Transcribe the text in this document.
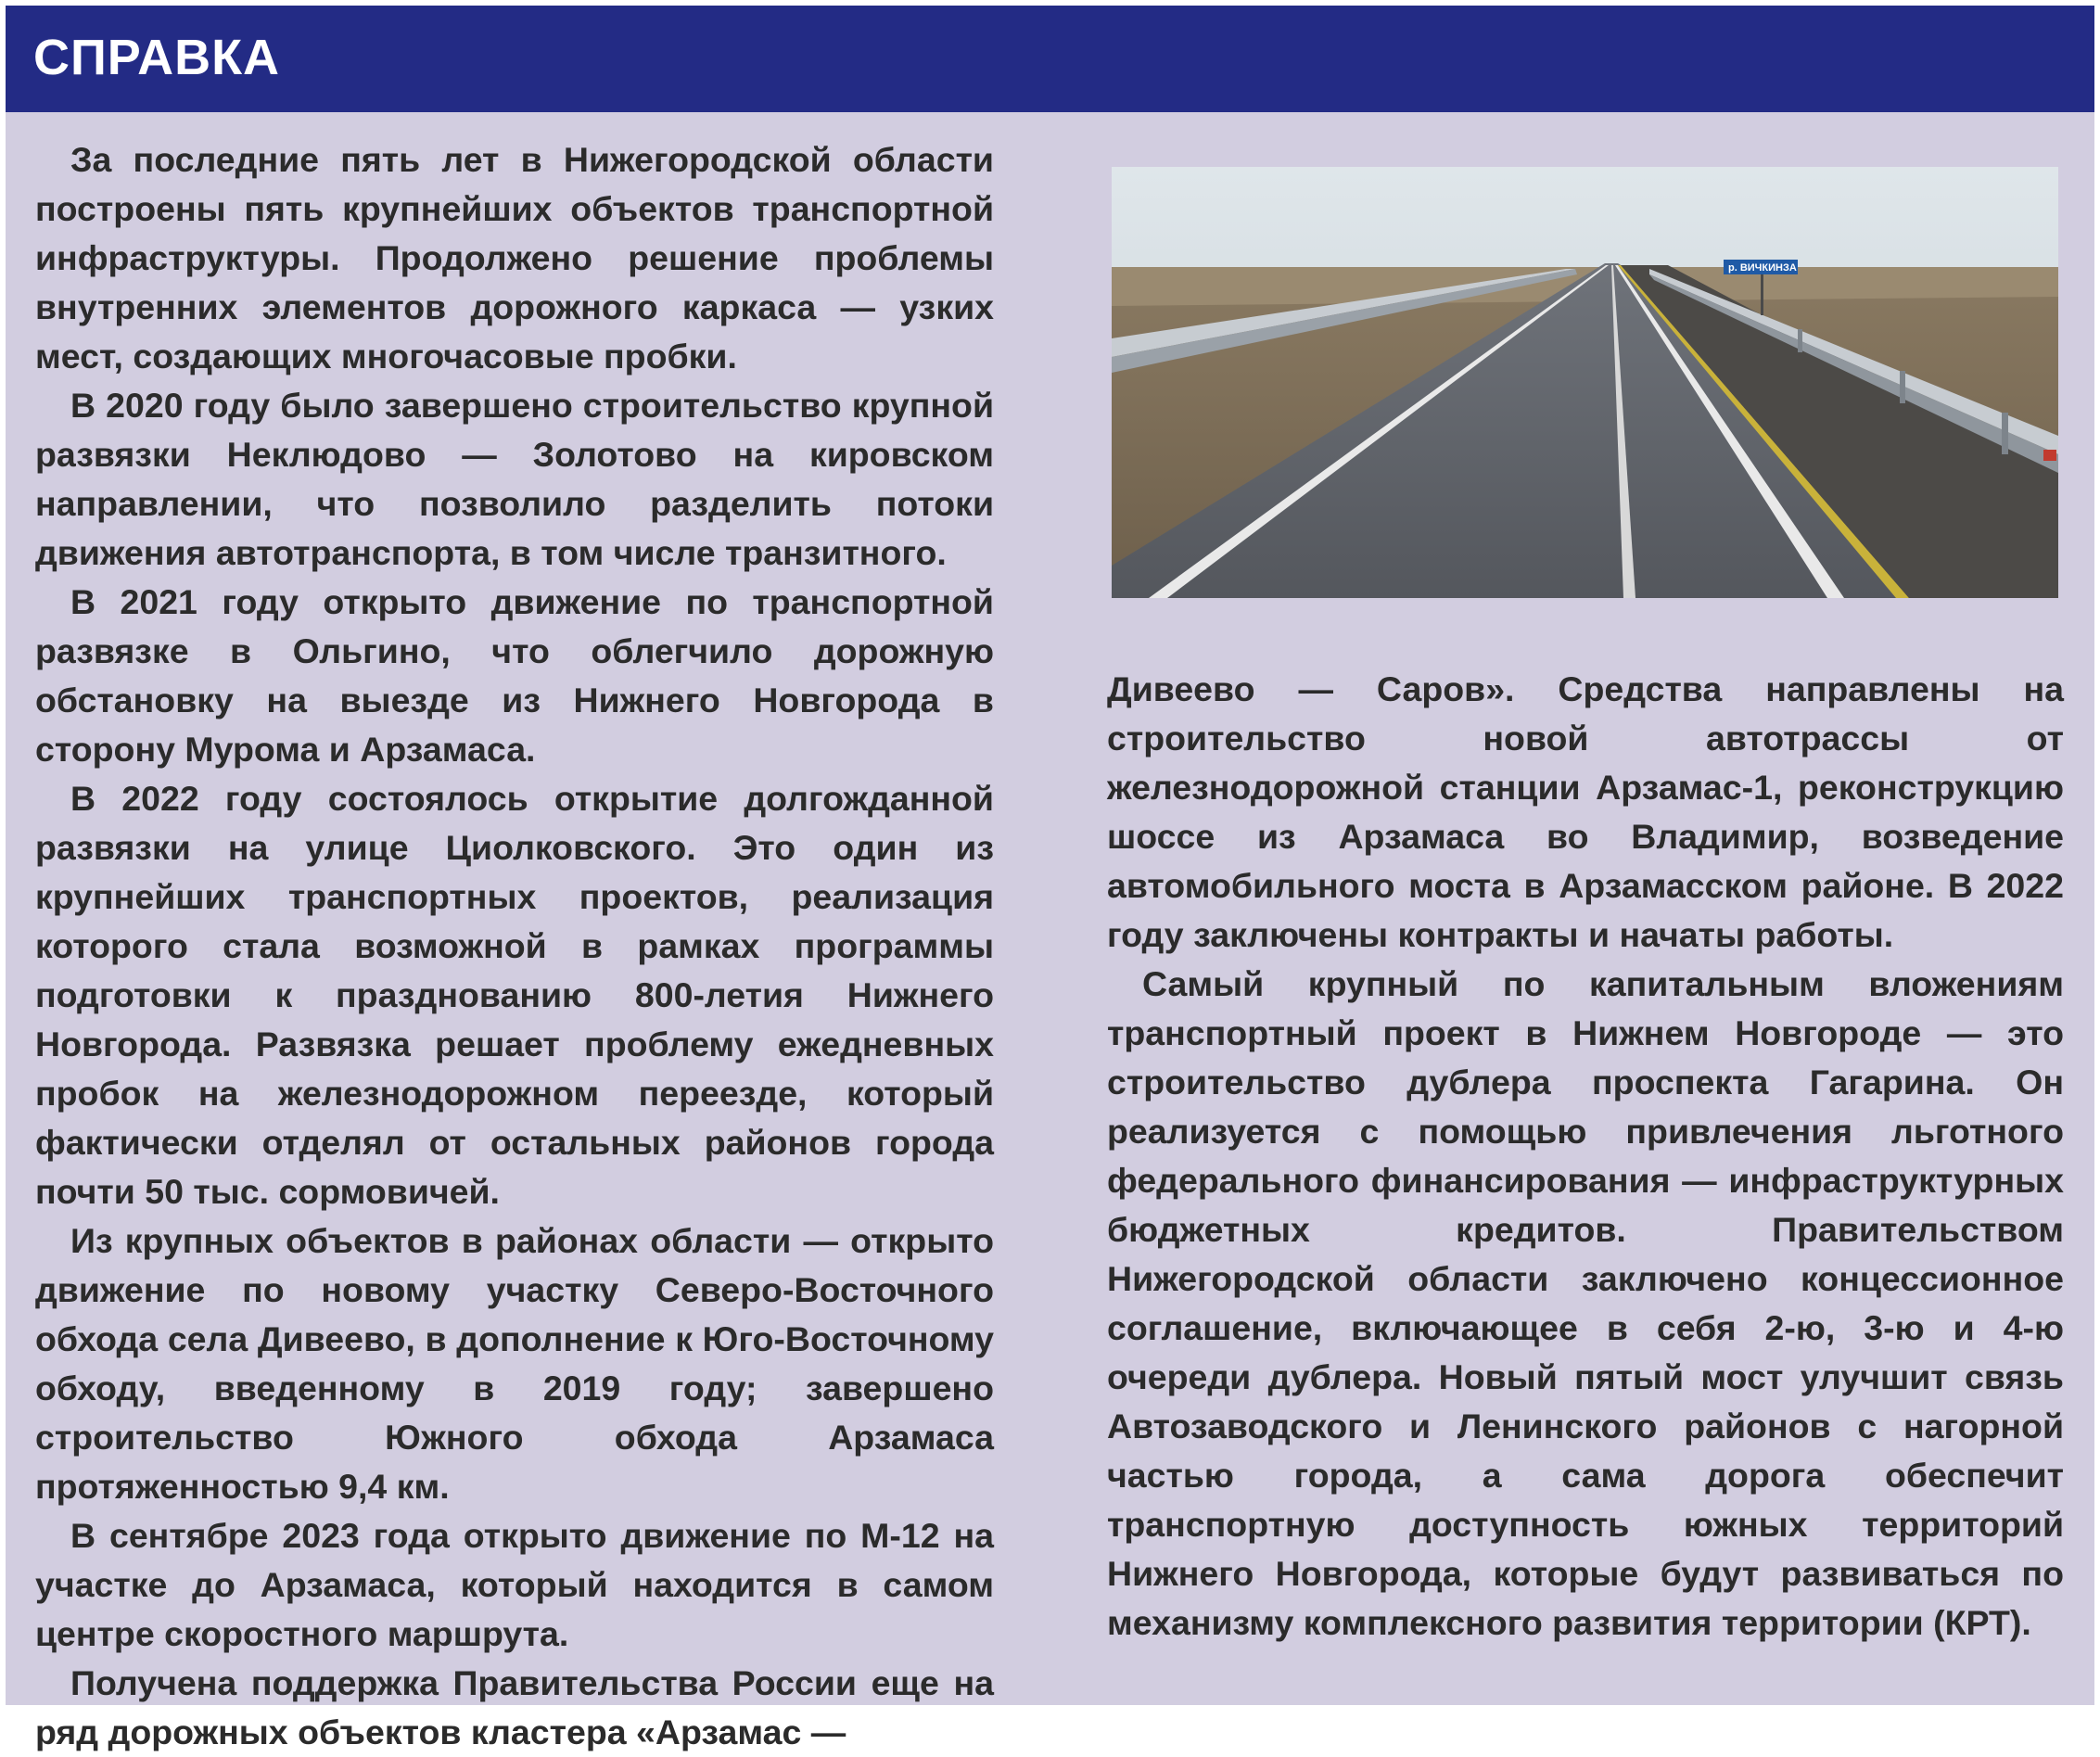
СПРАВКА

За последние пять лет в Нижегородской области построены пять крупнейших объектов транспортной инфраструктуры. Продолжено решение проблемы внутренних элементов дорожного каркаса — узких мест, создающих многочасовые пробки.

В 2020 году было завершено строительство крупной развязки Неклюдово — Золотово на кировском направлении, что позволило разделить потоки движения автотранспорта, в том числе транзитного.

В 2021 году открыто движение по транспортной развязке в Ольгино, что облегчило дорожную обстановку на выезде из Нижнего Новгорода в сторону Мурома и Арзамаса.

В 2022 году состоялось открытие долгожданной развязки на улице Циолковского. Это один из крупнейших транспортных проектов, реализация которого стала возможной в рамках программы подготовки к празднованию 800-летия Нижнего Новгорода. Развязка решает проблему ежедневных пробок на железнодорожном переезде, который фактически отделял от остальных районов города почти 50 тыс. сормовичей.

Из крупных объектов в районах области — открыто движение по новому участку Северо-Восточного обхода села Дивеево, в дополнение к Юго-Восточному обходу, введенному в 2019 году; завершено строительство Южного обхода Арзамаса протяженностью 9,4 км.

В сентябре 2023 года открыто движение по М-12 на участке до Арзамаса, который находится в самом центре скоростного маршрута.

Получена поддержка Правительства России еще на ряд дорожных объектов кластера «Арзамас —

р. ВИЧКИНЗА

Дивеево — Саров». Средства направлены на строительство новой автотрассы от железнодорожной станции Арзамас-1, реконструкцию шоссе из Арзамаса во Владимир, возведение автомобильного моста в Арзамасском районе. В 2022 году заключены контракты и начаты работы.

Самый крупный по капитальным вложениям транспортный проект в Нижнем Новгороде — это строительство дублера проспекта Гагарина. Он реализуется с помощью привлечения льготного федерального финансирования — инфраструктурных бюджетных кредитов. Правительством Нижегородской области заключено концессионное соглашение, включающее в себя 2-ю, 3-ю и 4-ю очереди дублера. Новый пятый мост улучшит связь Автозаводского и Ленинского районов с нагорной частью города, а сама дорога обеспечит транспортную доступность южных территорий Нижнего Новгорода, которые будут развиваться по механизму комплексного развития территории (КРТ).
